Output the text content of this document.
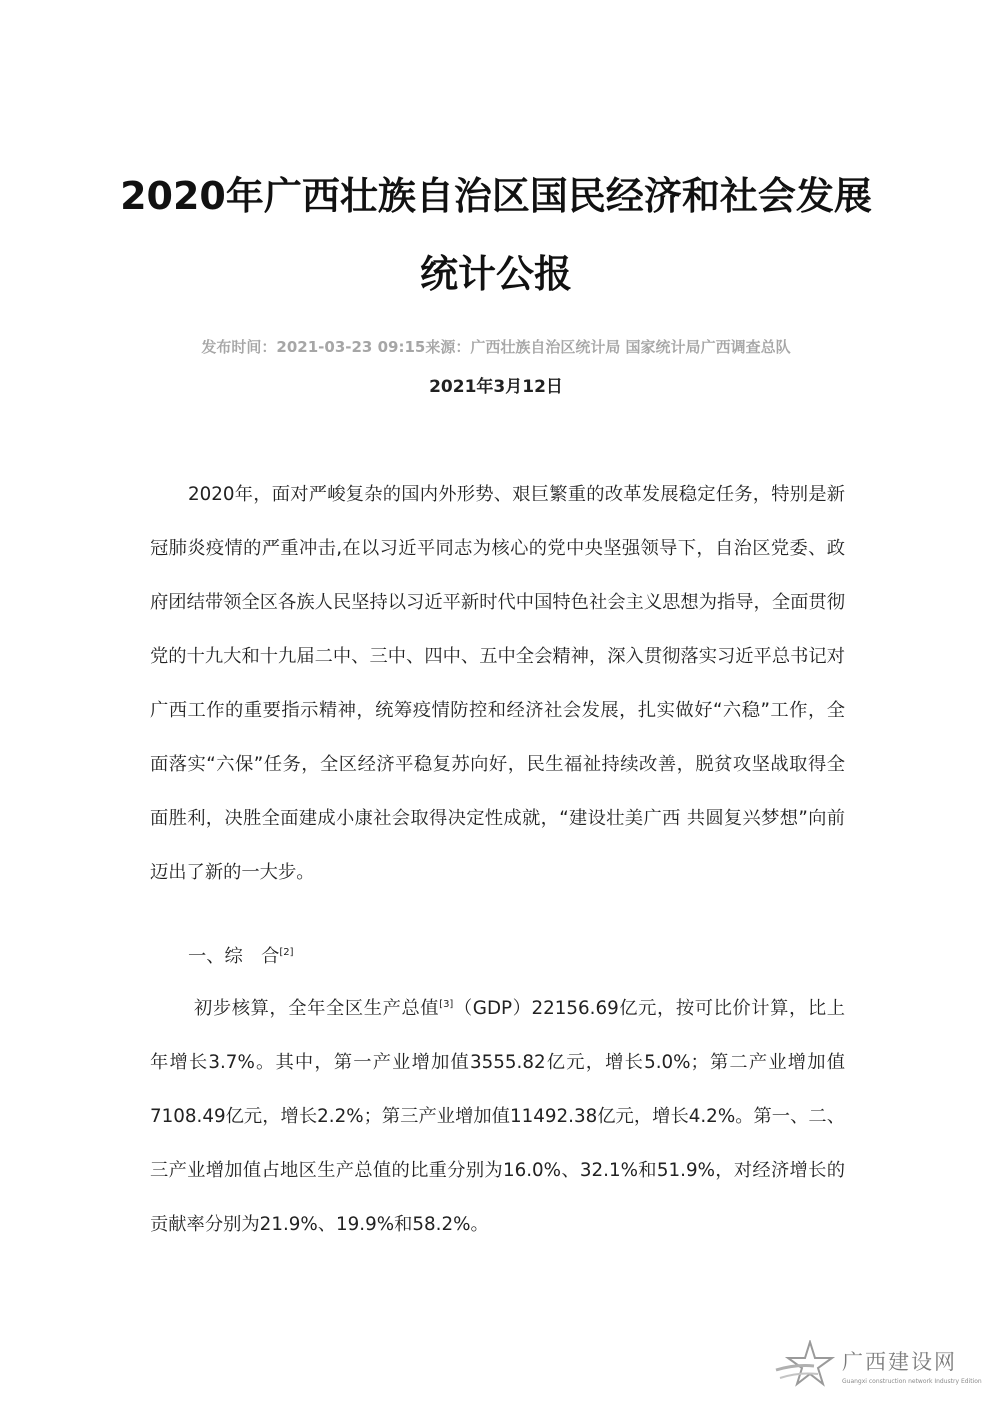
2020年广西壮族自治区国民经济和社会发展统计公报
发布时间：2021-03-23 09:15来源：广西壮族自治区统计局 国家统计局广西调查总队
2021年3月12日

2020年，面对严峻复杂的国内外形势、艰巨繁重的改革发展稳定任务，特别是新冠肺炎疫情的严重冲击,在以习近平同志为核心的党中央坚强领导下，自治区党委、政府团结带领全区各族人民坚持以习近平新时代中国特色社会主义思想为指导，全面贯彻党的十九大和十九届二中、三中、四中、五中全会精神，深入贯彻落实习近平总书记对广西工作的重要指示精神，统筹疫情防控和经济社会发展，扎实做好“六稳”工作，全面落实“六保”任务，全区经济平稳复苏向好，民生福祉持续改善，脱贫攻坚战取得全面胜利，决胜全面建成小康社会取得决定性成就，“建设壮美广西 共圆复兴梦想”向前迈出了新的一大步。

一、综　合[2]

初步核算，全年全区生产总值[3]（GDP）22156.69亿元，按可比价计算，比上年增长3.7%。其中，第一产业增加值3555.82亿元，增长5.0%；第二产业增加值7108.49亿元，增长2.2%；第三产业增加值11492.38亿元，增长4.2%。第一、二、三产业增加值占地区生产总值的比重分别为16.0%、32.1%和51.9%，对经济增长的贡献率分别为21.9%、19.9%和58.2%。

广西建设网
Guangxi construction network Industry Edition
